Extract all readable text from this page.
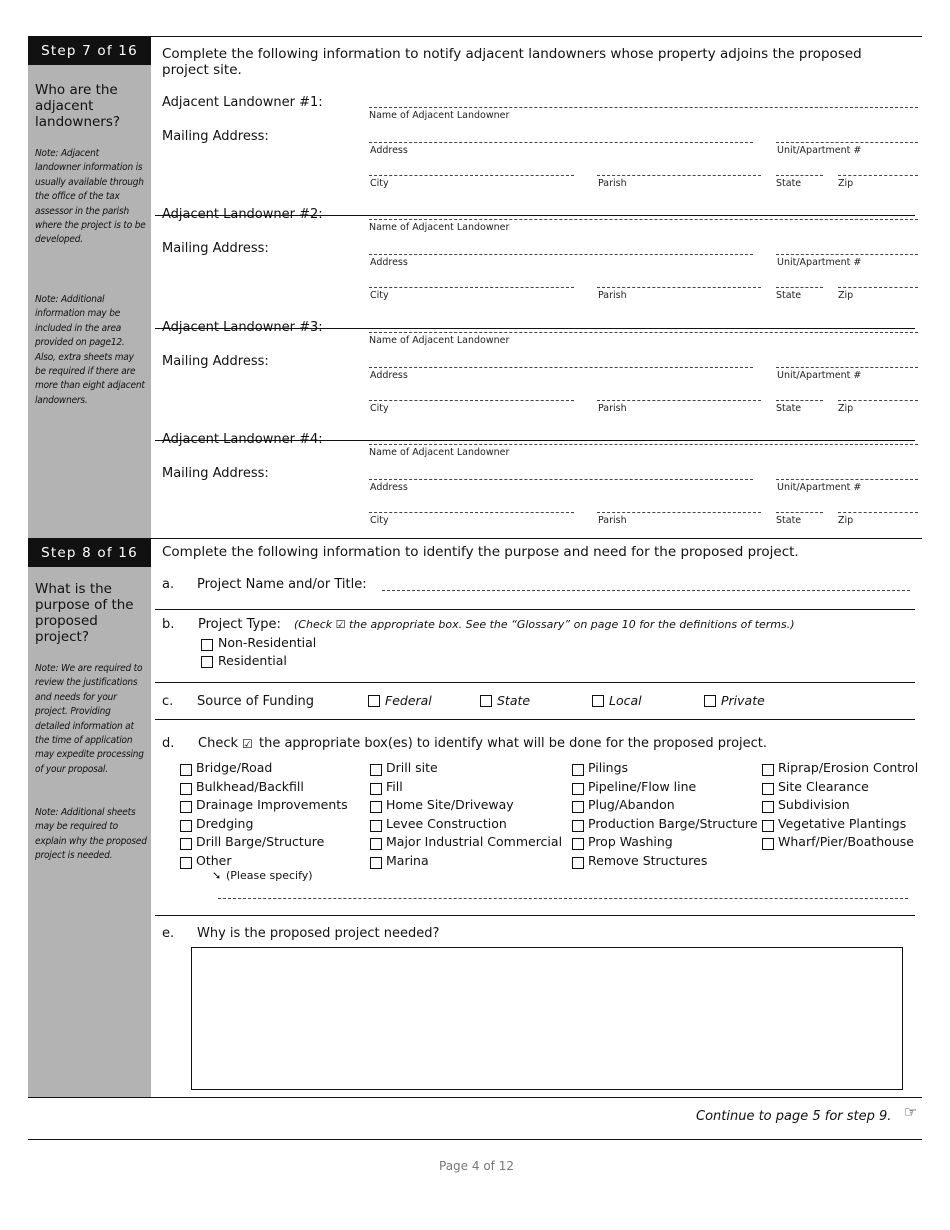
Step 7 of 16
Who are the adjacent landowners?
Note: Adjacent landowner information is usually available through the office of the tax assessor in the parish where the project is to be developed.
Note: Additional information may be included in the area provided on page12. Also, extra sheets may be required if there are more than eight adjacent landowners.
Complete the following information to notify adjacent landowners whose property adjoins the proposed project site.
Adjacent Landowner #1:
Mailing Address:
Name of Adjacent Landowner
Address	Unit/Apartment #
City	Parish	State	Zip
Adjacent Landowner #2:
Mailing Address:
Name of Adjacent Landowner
Address	Unit/Apartment #
City	Parish	State	Zip
Adjacent Landowner #3:
Mailing Address:
Name of Adjacent Landowner
Address	Unit/Apartment #
City	Parish	State	Zip
Adjacent Landowner #4:
Mailing Address:
Name of Adjacent Landowner
Address	Unit/Apartment #
City	Parish	State	Zip
Step 8 of 16
What is the purpose of the proposed project?
Note: We are required to review the justifications and needs for your project. Providing detailed information at the time of application may expedite processing of your proposal.
Note: Additional sheets may be required to explain why the proposed project is needed.
Complete the following information to identify the purpose and need for the proposed project.
a. Project Name and/or Title:
b. Project Type: (Check ☑ the appropriate box. See the “Glossary” on page 10 for the definitions of terms.)
Non-Residential
Residential
c. Source of Funding	Federal	State	Local	Private
d. Check ☑ the appropriate box(es) to identify what will be done for the proposed project.
Bridge/Road
Bulkhead/Backfill
Drainage Improvements
Dredging
Drill Barge/Structure
Other
Drill site
Fill
Home Site/Driveway
Levee Construction
Major Industrial Commercial
Marina
Pilings
Pipeline/Flow line
Plug/Abandon
Production Barge/Structure
Prop Washing
Remove Structures
Riprap/Erosion Control
Site Clearance
Subdivision
Vegetative Plantings
Wharf/Pier/Boathouse
➘ (Please specify)
e. Why is the proposed project needed?
Continue to page 5 for step 9. ☞
Page 4 of 12
